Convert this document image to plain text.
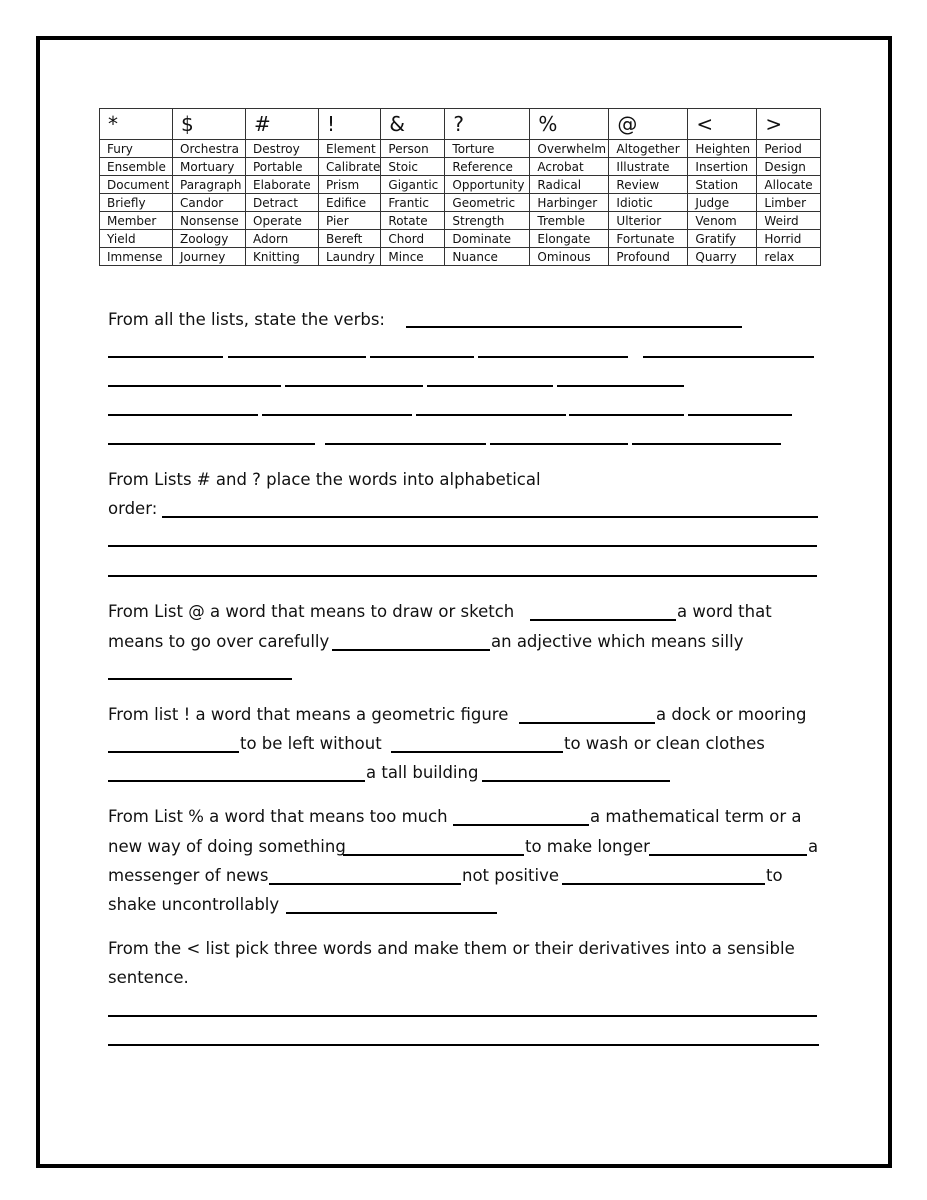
*	$	#	!	&	?	%	@	<	>
Fury	Orchestra	Destroy	Element	Person	Torture	Overwhelm	Altogether	Heighten	Period
Ensemble	Mortuary	Portable	Calibrate	Stoic	Reference	Acrobat	Illustrate	Insertion	Design
Document	Paragraph	Elaborate	Prism	Gigantic	Opportunity	Radical	Review	Station	Allocate
Briefly	Candor	Detract	Edifice	Frantic	Geometric	Harbinger	Idiotic	Judge	Limber
Member	Nonsense	Operate	Pier	Rotate	Strength	Tremble	Ulterior	Venom	Weird
Yield	Zoology	Adorn	Bereft	Chord	Dominate	Elongate	Fortunate	Gratify	Horrid
Immense	Journey	Knitting	Laundry	Mince	Nuance	Ominous	Profound	Quarry	relax
From all the lists, state the verbs:
From Lists # and ? place the words into alphabetical
order:
From List @ a word that means to draw or sketch	a word that
means to go over carefully	an adjective which means silly
From list ! a word that means a geometric figure	a dock or mooring
to be left without	to wash or clean clothes
a tall building
From List % a word that means too much	a mathematical term or a
new way of doing something	to make longer	a
messenger of news	not positive	to
shake uncontrollably
From the < list pick three words and make them or their derivatives into a sensible
sentence.
